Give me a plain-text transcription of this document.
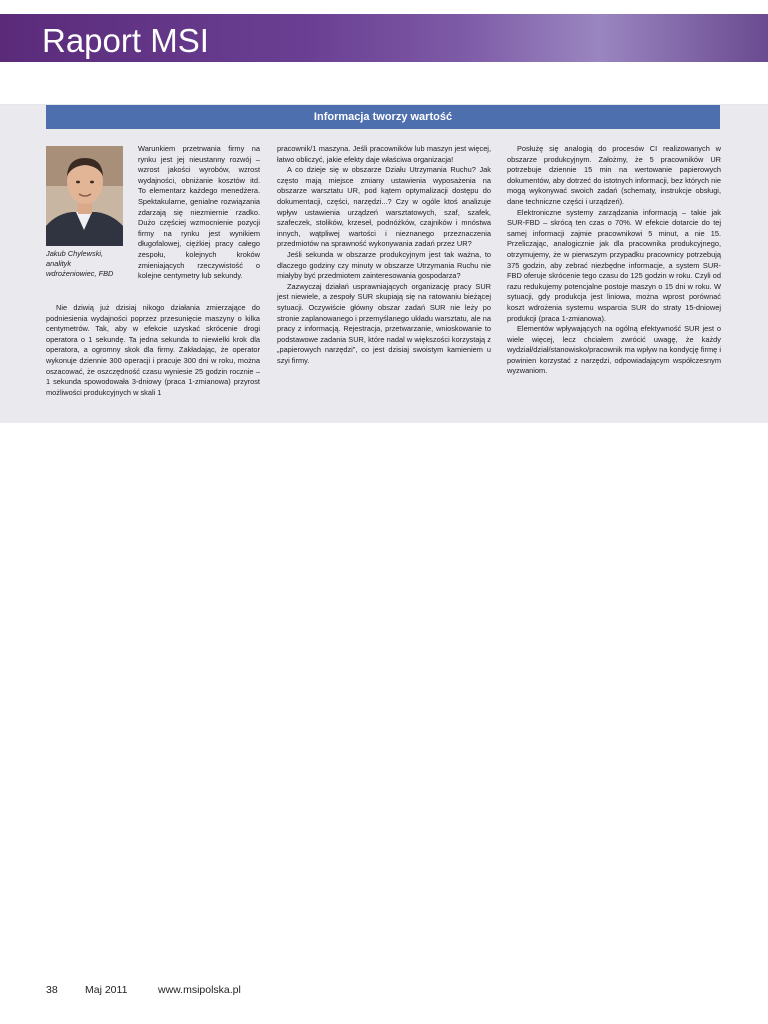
Raport MSI
Informacja tworzy wartość
Jakub Chylewski,
analityk
wdrożeniowiec, FBD

Warunkiem przetrwania firmy na rynku jest jej nieustanny rozwój – wzrost jakości wyrobów, wzrost wydajności, obniżanie kosztów itd. To elementarz każdego menedżera. Spektakularne, genialne rozwiązania zdarzają się niezmiernie rzadko. Dużo częściej wzmocnienie pozycji firmy na rynku jest wynikiem długofalowej, ciężkiej pracy całego zespołu, kolejnych kroków zmieniających rzeczywistość o kolejne centymetry lub sekundy.

Nie dziwią już dzisiaj nikogo działania zmierzające do podniesienia wydajności poprzez przesunięcie maszyny o kilka centymetrów. Tak, aby w efekcie uzyskać skrócenie drogi operatora o 1 sekundę. Ta jedna sekunda to niewielki krok dla operatora, a ogromny skok dla firmy. Zakładając, że operator wykonuje dziennie 300 operacji i pracuje 300 dni w roku, można oszacować, że oszczędność czasu wyniesie 25 godzin rocznie – 1 sekunda spowodowała 3-dniowy (praca 1-zmianowa) przyrost możliwości produkcyjnych w skali 1

pracownik/1 maszyna. Jeśli pracowników lub maszyn jest więcej, łatwo obliczyć, jakie efekty daje właściwa organizacja!

A co dzieje się w obszarze Działu Utrzymania Ruchu? Jak często mają miejsce zmiany ustawienia wyposażenia na obszarze warsztatu UR, pod kątem optymalizacji dostępu do dokumentacji, części, narzędzi...? Czy w ogóle ktoś analizuje wpływ ustawienia urządzeń warsztatowych, szaf, szafek, szafeczek, stolików, krzeseł, podnóżków, czajników i mnóstwa innych, wątpliwej wartości i nieznanego przeznaczenia przedmiotów na sprawność wykonywania zadań przez UR?

Jeśli sekunda w obszarze produkcyjnym jest tak ważna, to dlaczego godziny czy minuty w obszarze Utrzymania Ruchu nie miałyby być przedmiotem zainteresowania gospodarza?

Zazwyczaj działań usprawniających organizację pracy SUR jest niewiele, a zespoły SUR skupiają się na ratowaniu bieżącej sytuacji. Oczywiście główny obszar zadań SUR nie leży po stronie zaplanowanego i przemyślanego układu warsztatu, ale na pracy z informacją. Rejestracja, przetwarzanie, wnioskowanie to podstawowe zadania SUR, które nadal w większości korzystają z „papierowych narzędzi”, co jest dzisiaj swoistym kamieniem u szyi firmy.

Posłużę się analogią do procesów CI realizowanych w obszarze produkcyjnym. Założmy, że 5 pracowników UR potrzebuje dziennie 15 min na wertowanie papierowych dokumentów, aby dotrzeć do istotnych informacji, bez których nie mogą wykonywać swoich zadań (schematy, instrukcje obsługi, dane techniczne części i urządzeń).

Elektroniczne systemy zarządzania informacją – takie jak SUR-FBD – skrócą ten czas o 70%. W efekcie dotarcie do tej samej informacji zajmie pracownikowi 5 minut, a nie 15. Przeliczając, analogicznie jak dla pracownika produkcyjnego, otrzymujemy, że w pierwszym przypadku pracownicy potrzebują 375 godzin, aby zebrać niezbędne informacje, a system SUR-FBD oferuje skrócenie tego czasu do 125 godzin w roku. Czyli od razu redukujemy potencjalne postoje maszyn o 15 dni w roku. W sytuacji, gdy produkcja jest liniowa, można wprost porównać koszt wdrożenia systemu wsparcia SUR do straty 15-dniowej produkcji (praca 1-zmianowa).

Elementów wpływających na ogólną efektywność SUR jest o wiele więcej, lecz chciałem zwrócić uwagę, że każdy wydział/dział/stanowisko/pracownik ma wpływ na kondycję firmę i powinien korzystać z narzędzi, odpowiadającym współczesnym wyzwaniom.

38	Maj 2011	www.msipolska.pl
